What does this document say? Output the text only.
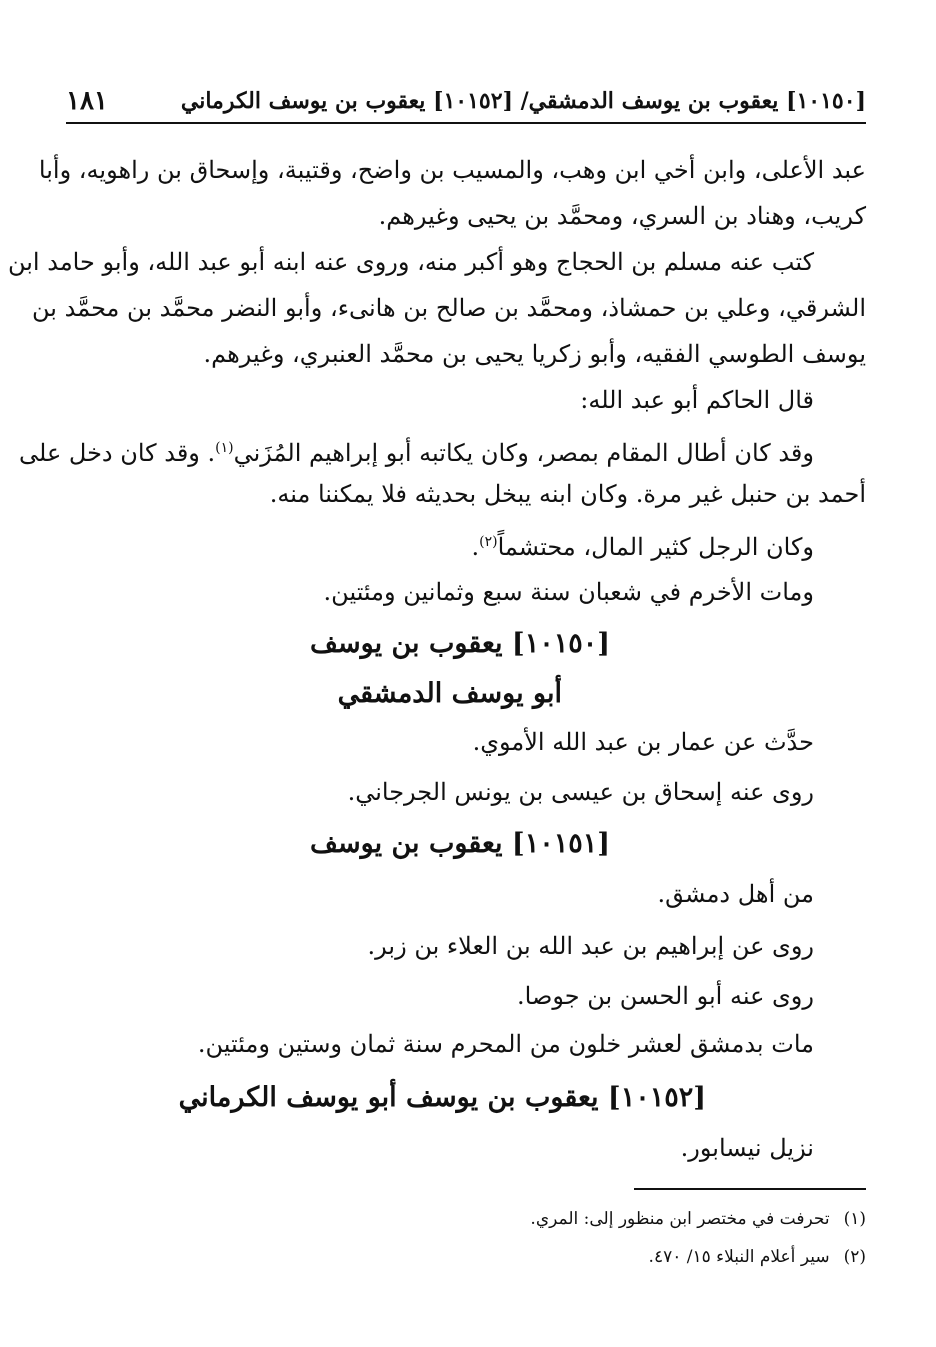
١٨١	[١٠١٥٠] يعقوب بن يوسف الدمشقي/ [١٠١٥٢] يعقوب بن يوسف الكرماني
عبد الأعلى، وابن أخي ابن وهب، والمسيب بن واضح، وقتيبة، وإسحاق بن راهويه، وأبا
كريب، وهناد بن السري، ومحمَّد بن يحيى وغيرهم.
كتب عنه مسلم بن الحجاج وهو أكبر منه، وروى عنه ابنه أبو عبد الله، وأبو حامد ابن
الشرقي، وعلي بن حمشاذ، ومحمَّد بن صالح بن هانىء، وأبو النضر محمَّد بن محمَّد بن
يوسف الطوسي الفقيه، وأبو زكريا يحيى بن محمَّد العنبري، وغيرهم.
قال الحاكم أبو عبد الله:
وقد كان أطال المقام بمصر، وكان يكاتبه أبو إبراهيم المُزَني$^{(١)}$. وقد كان دخل على
أحمد بن حنبل غير مرة. وكان ابنه يبخل بحديثه فلا يمكننا منه.
وكان الرجل كثير المال، محتشماً$^{(٢)}$.
ومات الأخرم في شعبان سنة سبع وثمانين ومئتين.
[١٠١٥٠] يعقوب بن يوسف
أبو يوسف الدمشقي
حدَّث عن عمار بن عبد الله الأموي.
روى عنه إسحاق بن عيسى بن يونس الجرجاني.
[١٠١٥١] يعقوب بن يوسف
من أهل دمشق.
روى عن إبراهيم بن عبد الله بن العلاء بن زبر.
روى عنه أبو الحسن بن جوصا.
مات بدمشق لعشر خلون من المحرم سنة ثمان وستين ومئتين.
[١٠١٥٢] يعقوب بن يوسف أبو يوسف الكرماني
نزيل نيسابور.
(١)تحرفت في مختصر ابن منظور إلى: المري.
(٢)سير أعلام النبلاء ١٥/ ٤٧٠.
